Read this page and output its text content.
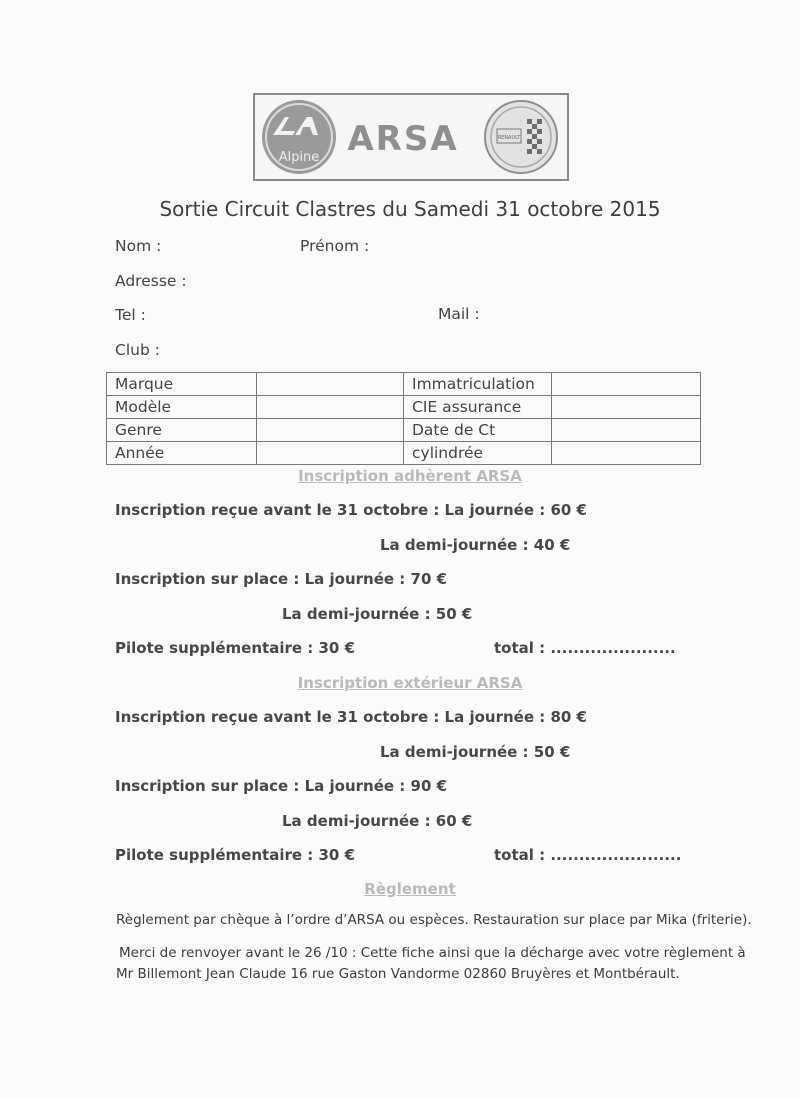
Alpine ARSA	RENAULT
Sortie Circuit Clastres du Samedi 31 octobre 2015
Nom :	Prénom :
Adresse :
Tel :	Mail :
Club :
Marque		Immatriculation	
Modèle		CIE assurance	
Genre		Date de Ct	
Année		cylindrée	
Inscription adhèrent ARSA
Inscription reçue avant le 31 octobre : La journée : 60 €
La demi-journée : 40 €
Inscription sur place : La journée : 70 €
La demi-journée : 50 €
Pilote supplémentaire : 30 €	total : ......................
Inscription extérieur ARSA
Inscription reçue avant le 31 octobre : La journée : 80 €
La demi-journée : 50 €
Inscription sur place : La journée : 90 €
La demi-journée : 60 €
Pilote supplémentaire : 30 €	total : .......................
Règlement
Règlement par chèque à l’ordre d’ARSA ou espèces. Restauration sur place par Mika (friterie).
Merci de renvoyer avant le 26 /10 : Cette fiche ainsi que la décharge avec votre règlement à
Mr Billemont Jean Claude 16 rue Gaston Vandorme 02860 Bruyères et Montbérault.
